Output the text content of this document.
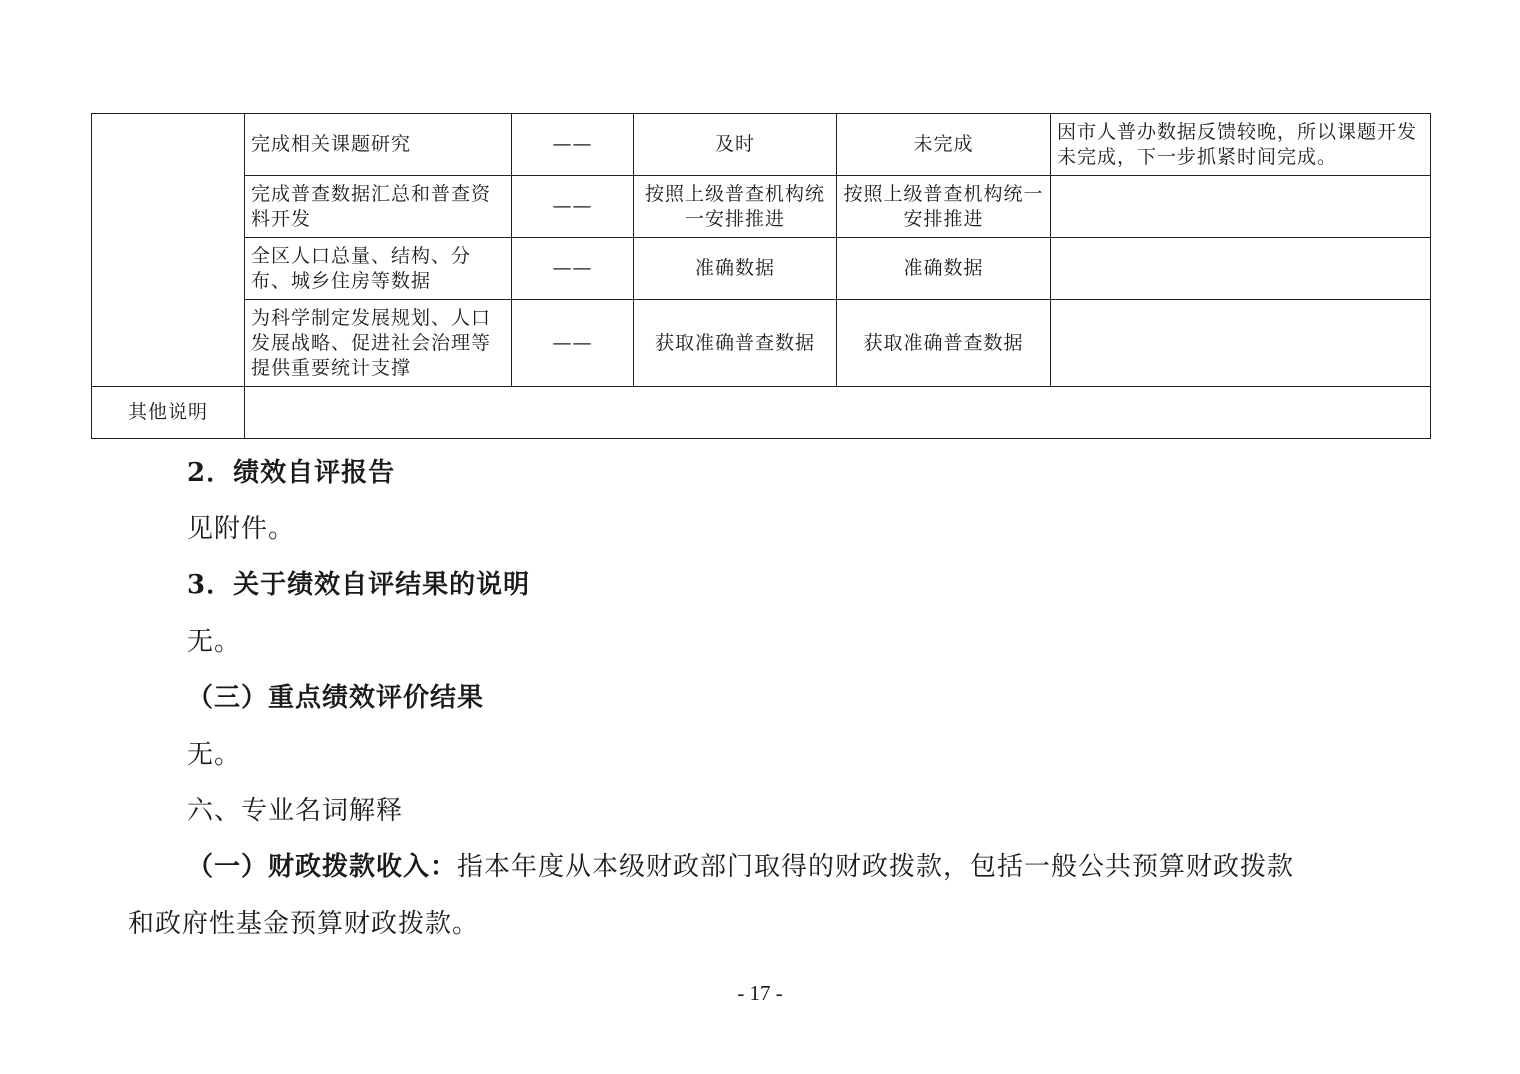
	完成相关课题研究	——	及时	未完成	因市人普办数据反馈较晚，所以课题开发未完成，下一步抓紧时间完成。
	完成普查数据汇总和普查资料开发	——	按照上级普查机构统一安排推进	按照上级普查机构统一安排推进	
	全区人口总量、结构、分布、城乡住房等数据	——	准确数据	准确数据	
	为科学制定发展规划、人口发展战略、促进社会治理等提供重要统计支撑	——	获取准确普查数据	获取准确普查数据	
其他说明					

2．绩效自评报告

见附件。

3．关于绩效自评结果的说明

无。

（三）重点绩效评价结果

无。

六、专业名词解释

（一）财政拨款收入：指本年度从本级财政部门取得的财政拨款，包括一般公共预算财政拨款

和政府性基金预算财政拨款。

- 17 -
